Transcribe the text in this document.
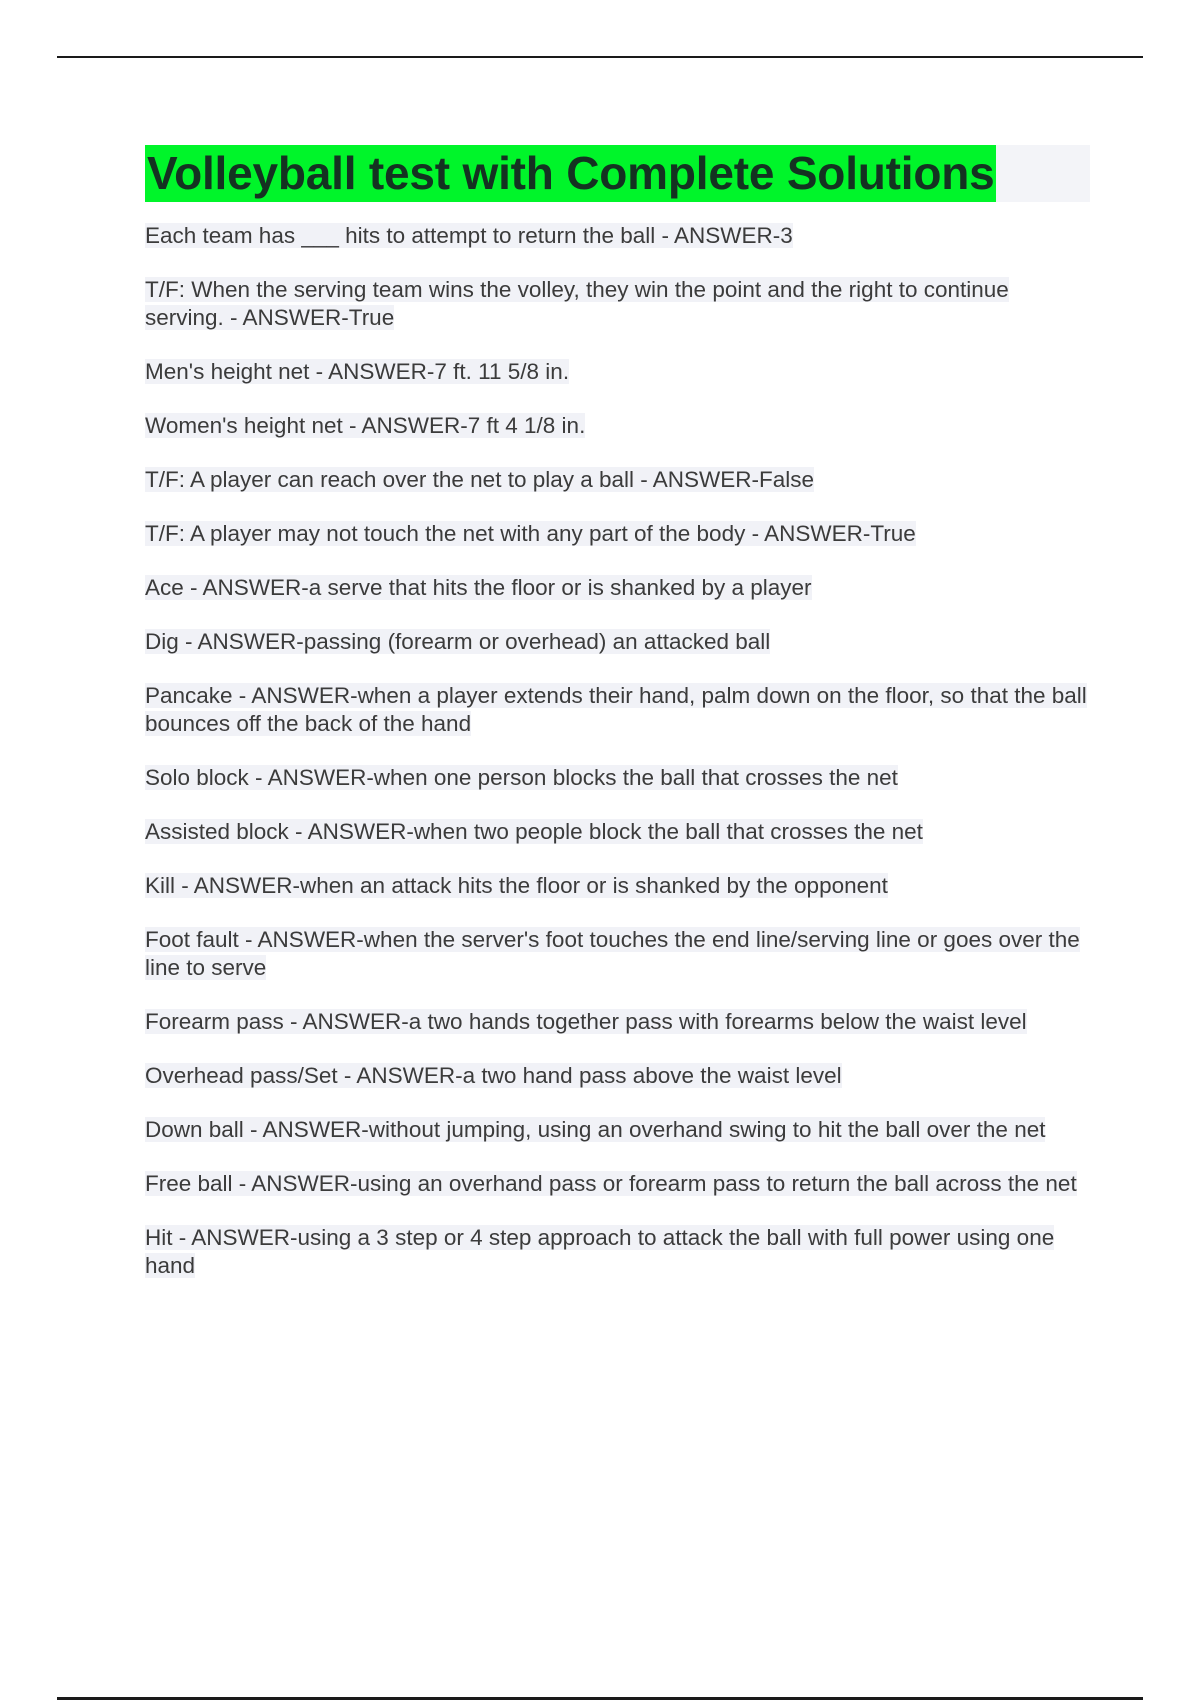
Volleyball test with Complete Solutions
Each team has ___ hits to attempt to return the ball - ANSWER-3
T/F: When the serving team wins the volley, they win the point and the right to continue serving. - ANSWER-True
Men's height net - ANSWER-7 ft. 11 5/8 in.
Women's height net - ANSWER-7 ft 4 1/8 in.
T/F: A player can reach over the net to play a ball - ANSWER-False
T/F: A player may not touch the net with any part of the body - ANSWER-True
Ace - ANSWER-a serve that hits the floor or is shanked by a player
Dig - ANSWER-passing (forearm or overhead) an attacked ball
Pancake - ANSWER-when a player extends their hand, palm down on the floor, so that the ball bounces off the back of the hand
Solo block - ANSWER-when one person blocks the ball that crosses the net
Assisted block - ANSWER-when two people block the ball that crosses the net
Kill - ANSWER-when an attack hits the floor or is shanked by the opponent
Foot fault - ANSWER-when the server's foot touches the end line/serving line or goes over the line to serve
Forearm pass - ANSWER-a two hands together pass with forearms below the waist level
Overhead pass/Set - ANSWER-a two hand pass above the waist level
Down ball - ANSWER-without jumping, using an overhand swing to hit the ball over the net
Free ball - ANSWER-using an overhand pass or forearm pass to return the ball across the net
Hit - ANSWER-using a 3 step or 4 step approach to attack the ball with full power using one hand
